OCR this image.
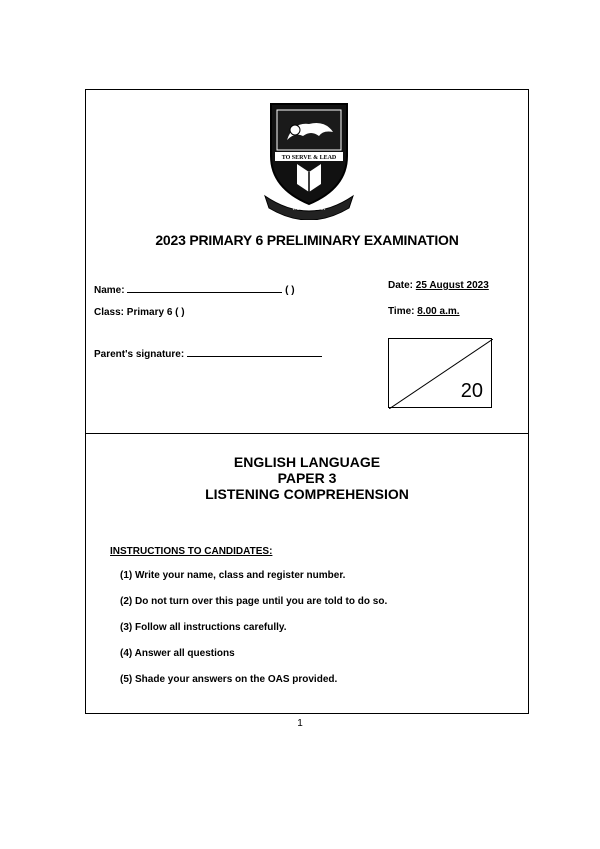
TO SERVE & LEAD
DO NOT FEAR
2023 PRIMARY 6 PRELIMINARY EXAMINATION
Name:	( )
Class: Primary 6 ( )
Parent's signature:
Date: 25 August 2023
Time: 8.00 a.m.
20
ENGLISH LANGUAGE
PAPER 3
LISTENING COMPREHENSION
INSTRUCTIONS TO CANDIDATES:
(1) Write your name, class and register number.
(2) Do not turn over this page until you are told to do so.
(3) Follow all instructions carefully.
(4) Answer all questions
(5) Shade your answers on the OAS provided.
1
